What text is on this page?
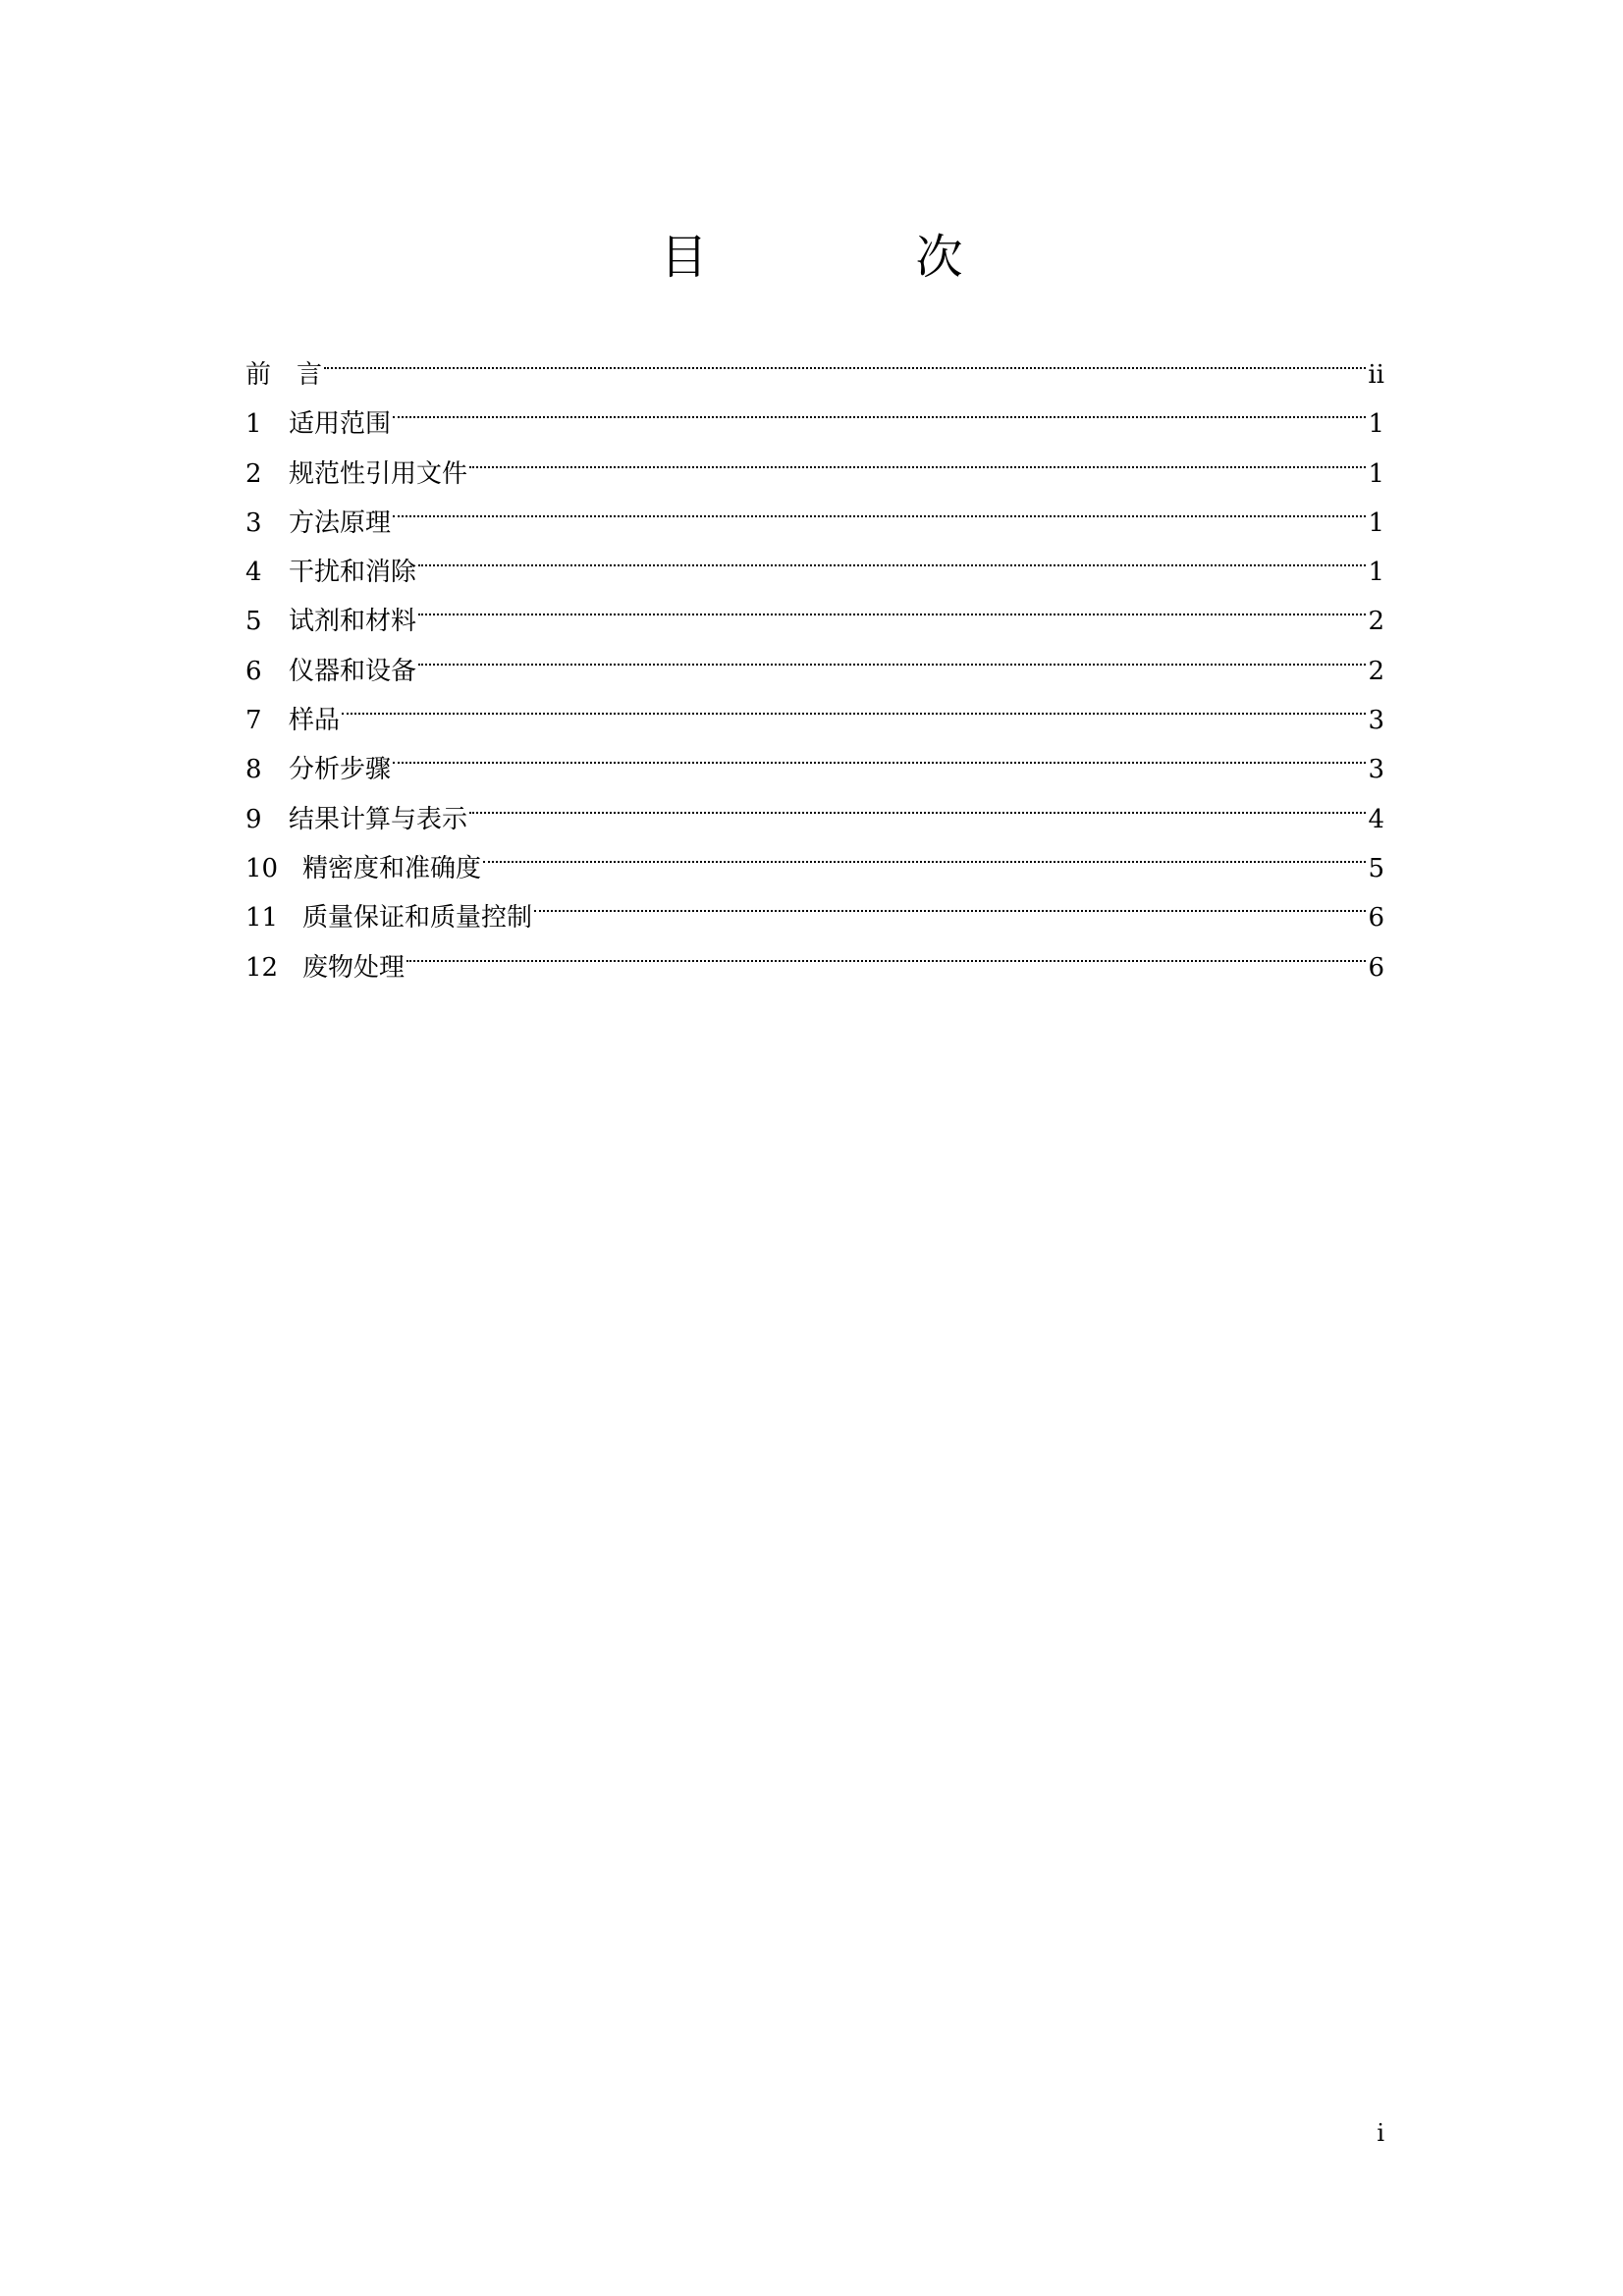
目　次
前　言	ii
1	适用范围	1
2	规范性引用文件	1
3	方法原理	1
4	干扰和消除	1
5	试剂和材料	2
6	仪器和设备	2
7	样品	3
8	分析步骤	3
9	结果计算与表示	4
10 精密度和准确度	5
11 质量保证和质量控制	6
12 废物处理	6
i
